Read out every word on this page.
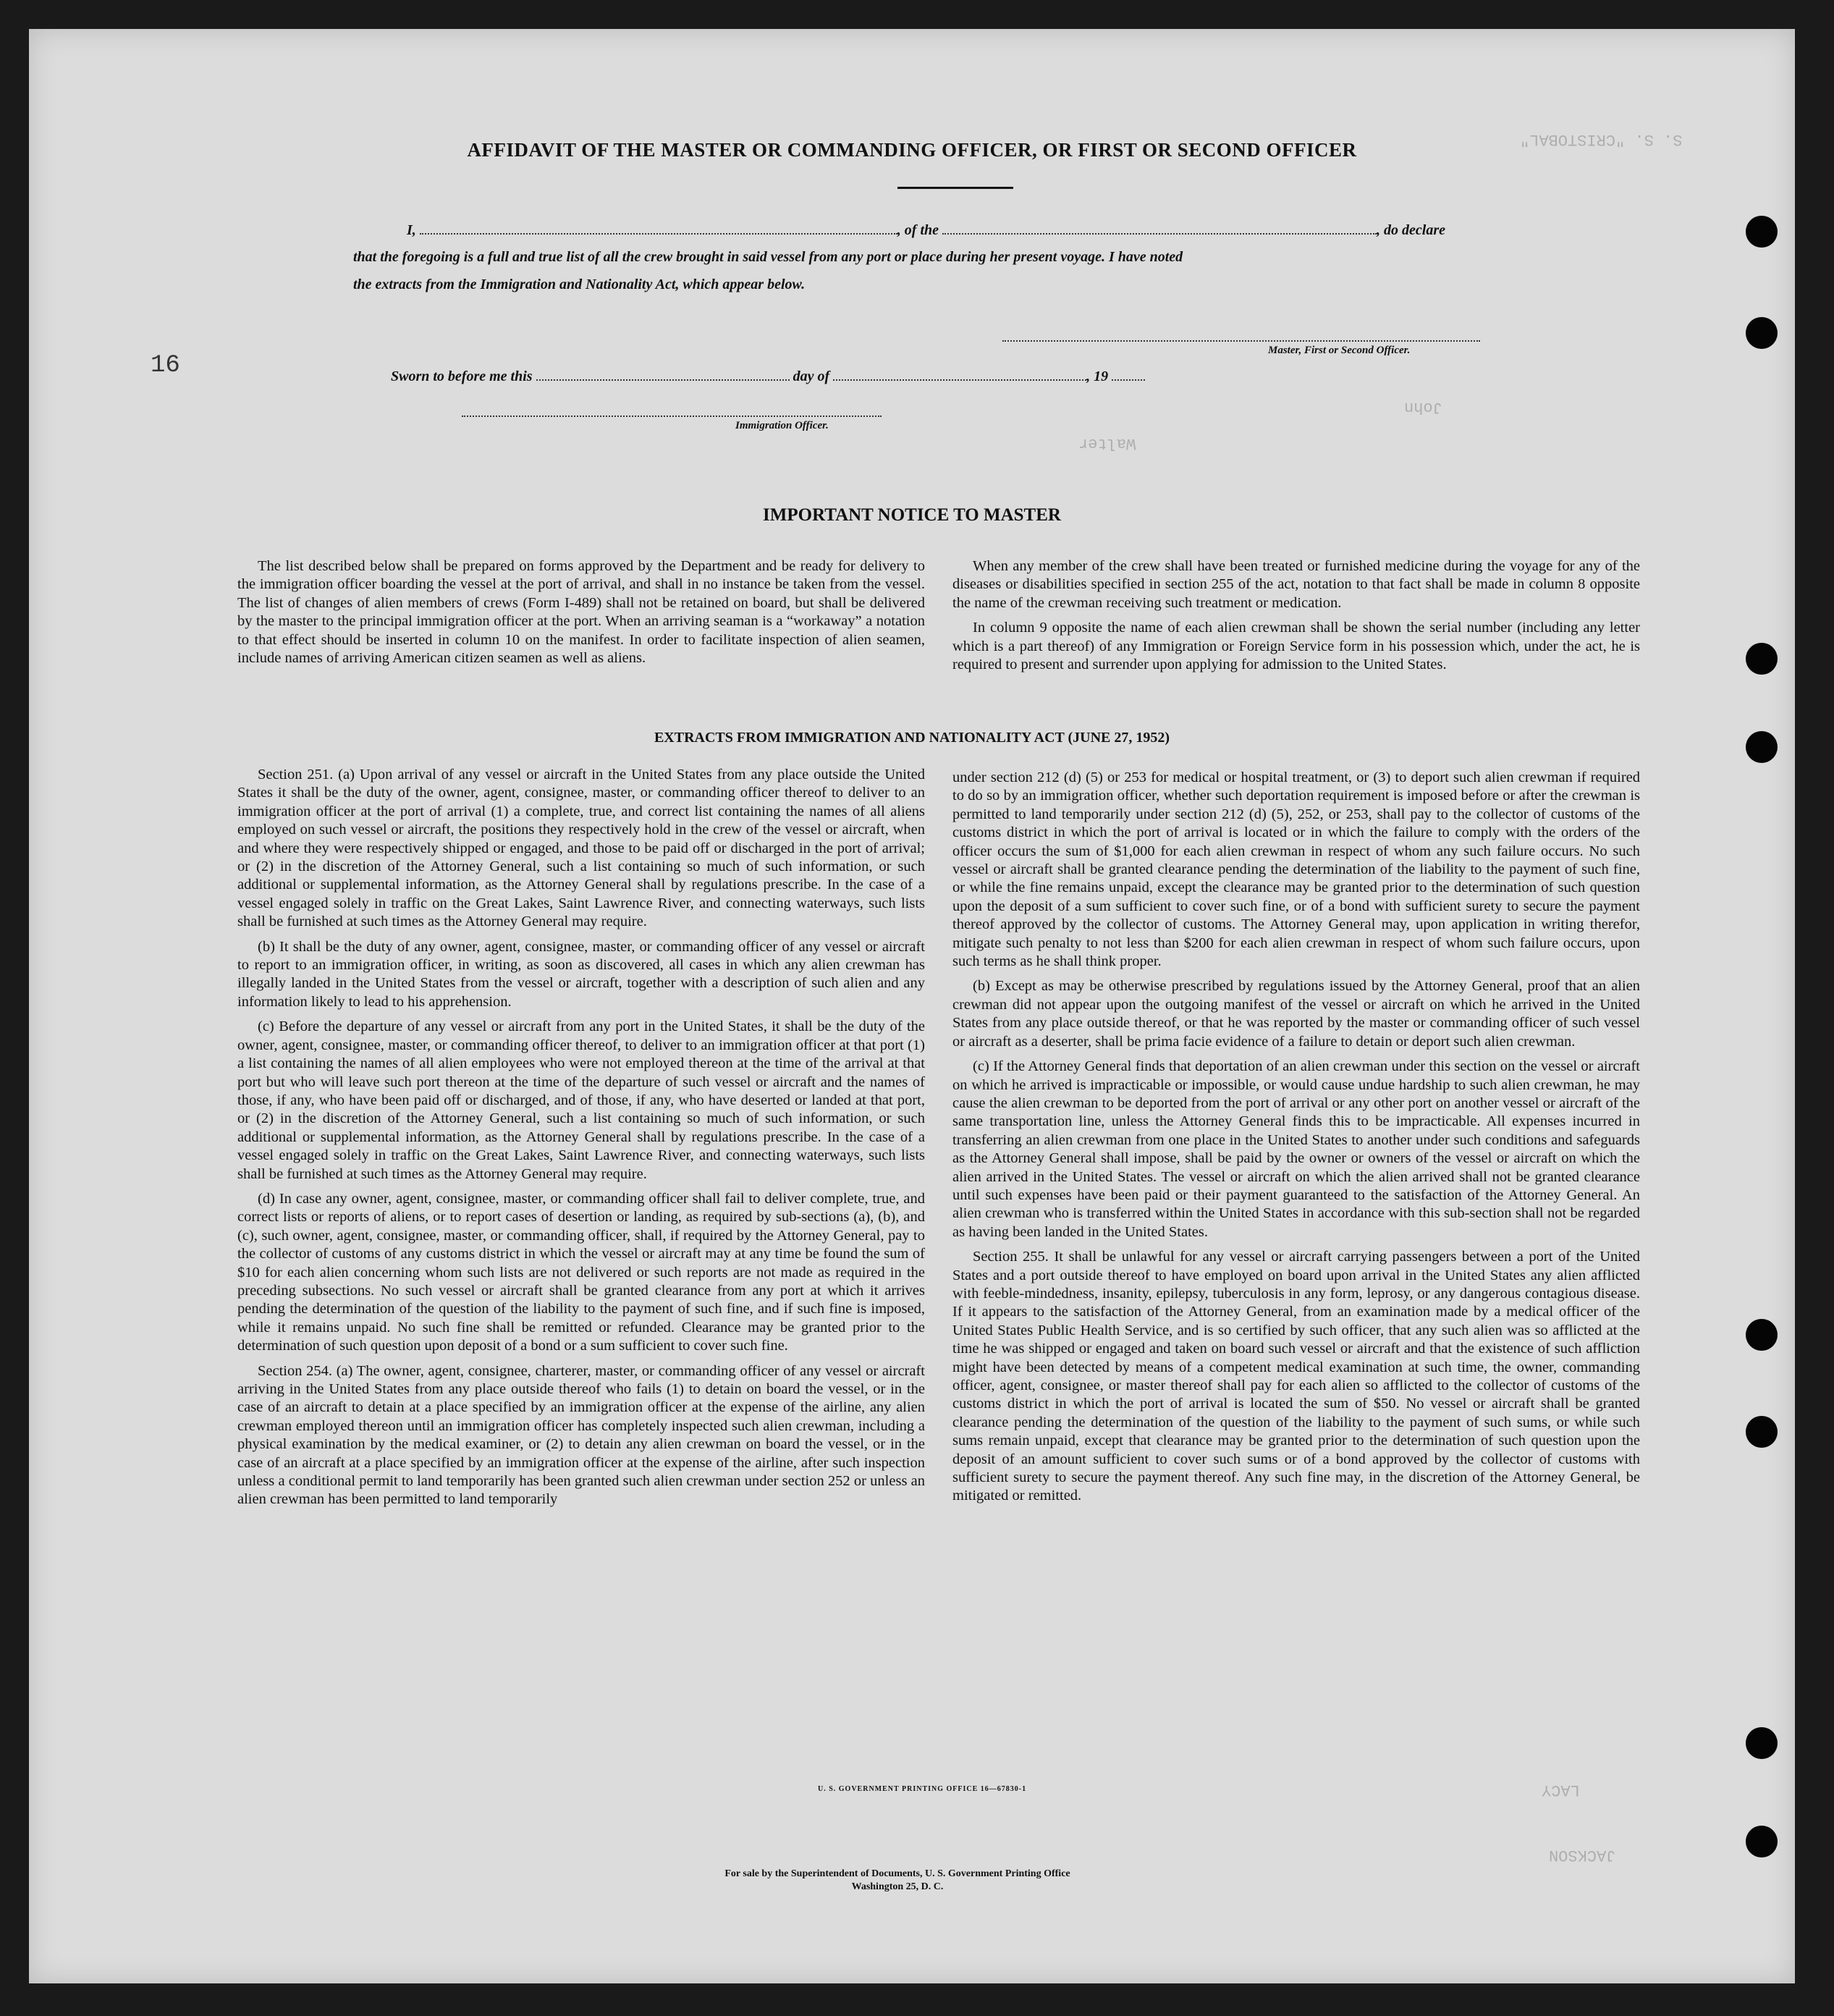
S. S. "CRISTOBAL"
Walter
John
JACKSON
LACY
16
AFFIDAVIT OF THE MASTER OR COMMANDING OFFICER, OR FIRST OR SECOND OFFICER
I,	, of the	, do declare
that the foregoing is a full and true list of all the crew brought in said vessel from any port or place during her present voyage. I have noted
the extracts from the Immigration and Nationality Act, which appear below.
Master, First or Second Officer.
Sworn to before me this	day of	, 19
Immigration Officer.
IMPORTANT NOTICE TO MASTER

The list described below shall be prepared on forms approved by the Department and be ready for delivery to the immigration officer boarding the vessel at the port of arrival, and shall in no instance be taken from the vessel. The list of changes of alien members of crews (Form I-489) shall not be retained on board, but shall be delivered by the master to the principal immigration officer at the port. When an arriving seaman is a “workaway” a notation to that effect should be inserted in column 10 on the manifest. In order to facilitate inspection of alien seamen, include names of arriving American citizen seamen as well as aliens.

When any member of the crew shall have been treated or furnished medicine during the voyage for any of the diseases or disabilities specified in section 255 of the act, notation to that fact shall be made in column 8 opposite the name of the crewman receiving such treatment or medication.

In column 9 opposite the name of each alien crewman shall be shown the serial number (including any letter which is a part thereof) of any Immigration or Foreign Service form in his possession which, under the act, he is required to present and surrender upon applying for admission to the United States.

EXTRACTS FROM IMMIGRATION AND NATIONALITY ACT (JUNE 27, 1952)

Section 251. (a) Upon arrival of any vessel or aircraft in the United States from any place outside the United States it shall be the duty of the owner, agent, consignee, master, or commanding officer thereof to deliver to an immigration officer at the port of arrival (1) a complete, true, and correct list containing the names of all aliens employed on such vessel or aircraft, the positions they respectively hold in the crew of the vessel or aircraft, when and where they were respectively shipped or engaged, and those to be paid off or discharged in the port of arrival; or (2) in the discretion of the Attorney General, such a list containing so much of such information, or such additional or supplemental information, as the Attorney General shall by regulations prescribe. In the case of a vessel engaged solely in traffic on the Great Lakes, Saint Lawrence River, and connecting waterways, such lists shall be furnished at such times as the Attorney General may require.

(b) It shall be the duty of any owner, agent, consignee, master, or commanding officer of any vessel or aircraft to report to an immigration officer, in writing, as soon as discovered, all cases in which any alien crewman has illegally landed in the United States from the vessel or aircraft, together with a description of such alien and any information likely to lead to his apprehension.

(c) Before the departure of any vessel or aircraft from any port in the United States, it shall be the duty of the owner, agent, consignee, master, or commanding officer thereof, to deliver to an immigration officer at that port (1) a list containing the names of all alien employees who were not employed thereon at the time of the arrival at that port but who will leave such port thereon at the time of the departure of such vessel or aircraft and the names of those, if any, who have been paid off or discharged, and of those, if any, who have deserted or landed at that port, or (2) in the discretion of the Attorney General, such a list containing so much of such information, or such additional or supplemental information, as the Attorney General shall by regulations prescribe. In the case of a vessel engaged solely in traffic on the Great Lakes, Saint Lawrence River, and connecting waterways, such lists shall be furnished at such times as the Attorney General may require.

(d) In case any owner, agent, consignee, master, or commanding officer shall fail to deliver complete, true, and correct lists or reports of aliens, or to report cases of desertion or landing, as required by sub-sections (a), (b), and (c), such owner, agent, consignee, master, or commanding officer, shall, if required by the Attorney General, pay to the collector of customs of any customs district in which the vessel or aircraft may at any time be found the sum of $10 for each alien concerning whom such lists are not delivered or such reports are not made as required in the preceding subsections. No such vessel or aircraft shall be granted clearance from any port at which it arrives pending the determination of the question of the liability to the payment of such fine, and if such fine is imposed, while it remains unpaid. No such fine shall be remitted or refunded. Clearance may be granted prior to the determination of such question upon deposit of a bond or a sum sufficient to cover such fine.

Section 254. (a) The owner, agent, consignee, charterer, master, or commanding officer of any vessel or aircraft arriving in the United States from any place outside thereof who fails (1) to detain on board the vessel, or in the case of an aircraft to detain at a place specified by an immigration officer at the expense of the airline, any alien crewman employed thereon until an immigration officer has completely inspected such alien crewman, including a physical examination by the medical examiner, or (2) to detain any alien crewman on board the vessel, or in the case of an aircraft at a place specified by an immigration officer at the expense of the airline, after such inspection unless a conditional permit to land temporarily has been granted such alien crewman under section 252 or unless an alien crewman has been permitted to land temporarily

under section 212 (d) (5) or 253 for medical or hospital treatment, or (3) to deport such alien crewman if required to do so by an immigration officer, whether such deportation requirement is imposed before or after the crewman is permitted to land temporarily under section 212 (d) (5), 252, or 253, shall pay to the collector of customs of the customs district in which the port of arrival is located or in which the failure to comply with the orders of the officer occurs the sum of $1,000 for each alien crewman in respect of whom any such failure occurs. No such vessel or aircraft shall be granted clearance pending the determination of the liability to the payment of such fine, or while the fine remains unpaid, except the clearance may be granted prior to the determination of such question upon the deposit of a sum sufficient to cover such fine, or of a bond with sufficient surety to secure the payment thereof approved by the collector of customs. The Attorney General may, upon application in writing therefor, mitigate such penalty to not less than $200 for each alien crewman in respect of whom such failure occurs, upon such terms as he shall think proper.

(b) Except as may be otherwise prescribed by regulations issued by the Attorney General, proof that an alien crewman did not appear upon the outgoing manifest of the vessel or aircraft on which he arrived in the United States from any place outside thereof, or that he was reported by the master or commanding officer of such vessel or aircraft as a deserter, shall be prima facie evidence of a failure to detain or deport such alien crewman.

(c) If the Attorney General finds that deportation of an alien crewman under this section on the vessel or aircraft on which he arrived is impracticable or impossible, or would cause undue hardship to such alien crewman, he may cause the alien crewman to be deported from the port of arrival or any other port on another vessel or aircraft of the same transportation line, unless the Attorney General finds this to be impracticable. All expenses incurred in transferring an alien crewman from one place in the United States to another under such conditions and safeguards as the Attorney General shall impose, shall be paid by the owner or owners of the vessel or aircraft on which the alien arrived in the United States. The vessel or aircraft on which the alien arrived shall not be granted clearance until such expenses have been paid or their payment guaranteed to the satisfaction of the Attorney General. An alien crewman who is transferred within the United States in accordance with this sub-section shall not be regarded as having been landed in the United States.

Section 255. It shall be unlawful for any vessel or aircraft carrying passengers between a port of the United States and a port outside thereof to have employed on board upon arrival in the United States any alien afflicted with feeble-mindedness, insanity, epilepsy, tuberculosis in any form, leprosy, or any dangerous contagious disease. If it appears to the satisfaction of the Attorney General, from an examination made by a medical officer of the United States Public Health Service, and is so certified by such officer, that any such alien was so afflicted at the time he was shipped or engaged and taken on board such vessel or aircraft and that the existence of such affliction might have been detected by means of a competent medical examination at such time, the owner, commanding officer, agent, consignee, or master thereof shall pay for each alien so afflicted to the collector of customs of the customs district in which the port of arrival is located the sum of $50. No vessel or aircraft shall be granted clearance pending the determination of the question of the liability to the payment of such sums, or while such sums remain unpaid, except that clearance may be granted prior to the determination of such question upon the deposit of an amount sufficient to cover such sums or of a bond approved by the collector of customs with sufficient surety to secure the payment thereof. Any such fine may, in the discretion of the Attorney General, be mitigated or remitted.

U. S. GOVERNMENT PRINTING OFFICE 16—67830-1
For sale by the Superintendent of Documents, U. S. Government Printing Office
Washington 25, D. C.
